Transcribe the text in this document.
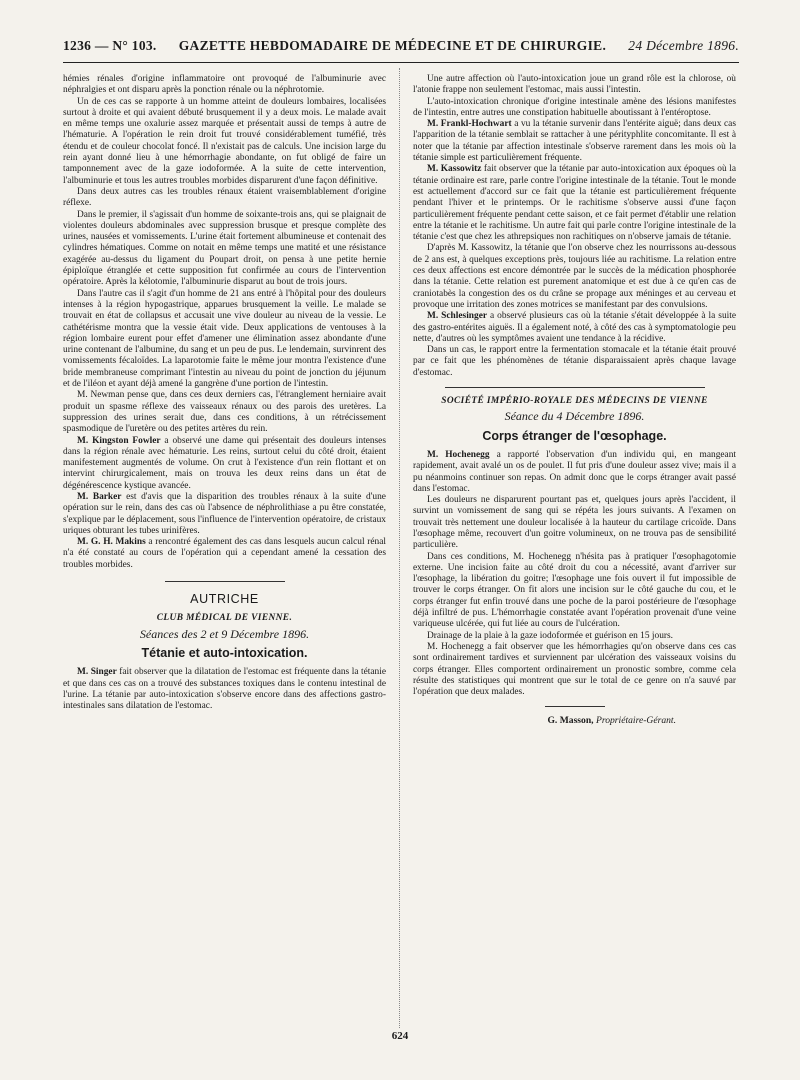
1236 — N° 103. GAZETTE HEBDOMADAIRE DE MÉDECINE ET DE CHIRURGIE. 24 Décembre 1896.

hémies rénales d'origine inflammatoire ont provoqué de l'albuminurie avec néphralgies et ont disparu après la ponction rénale ou la néphrotomie.

Un de ces cas se rapporte à un homme atteint de douleurs lombaires, localisées surtout à droite et qui avaient débuté brusquement il y a deux mois. Le malade avait en même temps une oxalurie assez marquée et présentait aussi de temps à autre de l'hématurie. A l'opération le rein droit fut trouvé considérablement tuméfié, très étendu et de couleur chocolat foncé. Il n'existait pas de calculs. Une incision large du rein ayant donné lieu à une hémorrhagie abondante, on fut obligé de faire un tamponnement avec de la gaze iodoformée. A la suite de cette intervention, l'albuminurie et tous les autres troubles morbides disparurent d'une façon définitive.

Dans deux autres cas les troubles rénaux étaient vraisemblablement d'origine réflexe.

Dans le premier, il s'agissait d'un homme de soixante-trois ans, qui se plaignait de violentes douleurs abdominales avec suppression brusque et presque complète des urines, nausées et vomissements. L'urine était fortement albumineuse et contenait des cylindres hématiques. Comme on notait en même temps une matité et une résistance exagérée au-dessus du ligament du Poupart droit, on pensa à une petite hernie épiploïque étranglée et cette supposition fut confirmée au cours de l'intervention opératoire. Après la kélotomie, l'albuminurie disparut au bout de trois jours.

Dans l'autre cas il s'agit d'un homme de 21 ans entré à l'hôpital pour des douleurs intenses à la région hypogastrique, apparues brusquement la veille. Le malade se trouvait en état de collapsus et accusait une vive douleur au niveau de la vessie. Le cathétérisme montra que la vessie était vide. Deux applications de ventouses à la région lombaire eurent pour effet d'amener une élimination assez abondante d'une urine contenant de l'albumine, du sang et un peu de pus. Le lendemain, survinrent des vomissements fécaloïdes. La laparotomie faite le même jour montra l'existence d'une bride membraneuse comprimant l'intestin au niveau du point de jonction du jéjunum et de l'iléon et ayant déjà amené la gangrène d'une portion de l'intestin.

M. Newman pense que, dans ces deux derniers cas, l'étranglement herniaire avait produit un spasme réflexe des vaisseaux rénaux ou des parois des uretères. La suppression des urines serait due, dans ces conditions, à un rétrécissement spasmodique de l'uretère ou des petites artères du rein.

M. Kingston Fowler a observé une dame qui présentait des douleurs intenses dans la région rénale avec hématurie. Les reins, surtout celui du côté droit, étaient manifestement augmentés de volume. On crut à l'existence d'un rein flottant et on intervint chirurgicalement, mais on trouva les deux reins dans un état de dégénérescence kystique avancée.

M. Barker est d'avis que la disparition des troubles rénaux à la suite d'une opération sur le rein, dans des cas où l'absence de néphrolithiase a pu être constatée, s'explique par le déplacement, sous l'influence de l'intervention opératoire, de cristaux uriques obturant les tubes urinifères.

M. G. H. Makins a rencontré également des cas dans lesquels aucun calcul rénal n'a été constaté au cours de l'opération qui a cependant amené la cessation des troubles morbides.

AUTRICHE
CLUB MÉDICAL DE VIENNE.
Séances des 2 et 9 Décembre 1896.
Tétanie et auto-intoxication.

M. Singer fait observer que la dilatation de l'estomac est fréquente dans la tétanie et que dans ces cas on a trouvé des substances toxiques dans le contenu intestinal de l'urine. La tétanie par auto-intoxication s'observe encore dans des affections gastro-intestinales sans dilatation de l'estomac.

Une autre affection où l'auto-intoxication joue un grand rôle est la chlorose, où l'atonie frappe non seulement l'estomac, mais aussi l'intestin.

L'auto-intoxication chronique d'origine intestinale amène des lésions manifestes de l'intestin, entre autres une constipation habituelle aboutissant à l'entéroptose.

M. Frankl-Hochwart a vu la tétanie survenir dans l'entérite aiguë; dans deux cas l'apparition de la tétanie semblait se rattacher à une pérityphlite concomitante. Il est à noter que la tétanie par affection intestinale s'observe rarement dans les mois où la tétanie simple est particulièrement fréquente.

M. Kassowitz fait observer que la tétanie par auto-intoxication aux époques où la tétanie ordinaire est rare, parle contre l'origine intestinale de la tétanie. Tout le monde est actuellement d'accord sur ce fait que la tétanie est particulièrement fréquente pendant l'hiver et le printemps. Or le rachitisme s'observe aussi d'une façon particulièrement fréquente pendant cette saison, et ce fait permet d'établir une relation entre la tétanie et le rachitisme. Un autre fait qui parle contre l'origine intestinale de la tétanie c'est que chez les athrepsiques non rachitiques on n'observe jamais de tétanie.

D'après M. Kassowitz, la tétanie que l'on observe chez les nourrissons au-dessous de 2 ans est, à quelques exceptions près, toujours liée au rachitisme. La relation entre ces deux affections est encore démontrée par le succès de la médication phosphorée dans la tétanie. Cette relation est purement anatomique et est due à ce qu'en cas de craniotabès la congestion des os du crâne se propage aux méninges et au cerveau et provoque une irritation des zones motrices se manifestant par des convulsions.

M. Schlesinger a observé plusieurs cas où la tétanie s'était développée à la suite des gastro-entérites aiguës. Il a également noté, à côté des cas à symptomatologie peu nette, d'autres où les symptômes avaient une tendance à la récidive.

Dans un cas, le rapport entre la fermentation stomacale et la tétanie était prouvé par ce fait que les phénomènes de tétanie disparaissaient après chaque lavage d'estomac.

SOCIÉTÉ IMPÉRIO-ROYALE DES MÉDECINS DE VIENNE
Séance du 4 Décembre 1896.
Corps étranger de l'œsophage.

M. Hochenegg a rapporté l'observation d'un individu qui, en mangeant rapidement, avait avalé un os de poulet. Il fut pris d'une douleur assez vive; mais il a pu néanmoins continuer son repas. On admit donc que le corps étranger avait passé dans l'estomac.

Les douleurs ne disparurent pourtant pas et, quelques jours après l'accident, il survint un vomissement de sang qui se répéta les jours suivants. A l'examen on trouvait très nettement une douleur localisée à la hauteur du cartilage cricoïde. Dans l'œsophage même, recouvert d'un goitre volumineux, on ne trouva pas de sensibilité particulière.

Dans ces conditions, M. Hochenegg n'hésita pas à pratiquer l'œsophagotomie externe. Une incision faite au côté droit du cou a nécessité, avant d'arriver sur l'œsophage, la libération du goitre; l'œsophage une fois ouvert il fut impossible de trouver le corps étranger. On fit alors une incision sur le côté gauche du cou, et le corps étranger fut enfin trouvé dans une poche de la paroi postérieure de l'œsophage déjà infiltré de pus. L'hémorrhagie constatée avant l'opération provenait d'une veine variqueuse ulcérée, qui fut liée au cours de l'ulcération.

Drainage de la plaie à la gaze iodoformée et guérison en 15 jours.

M. Hochenegg a fait observer que les hémorrhagies qu'on observe dans ces cas sont ordinairement tardives et surviennent par ulcération des vaisseaux voisins du corps étranger. Elles comportent ordinairement un pronostic sombre, comme cela résulte des statistiques qui montrent que sur le total de ce genre on n'a sauvé par l'opération que deux malades.

G. Masson, Propriétaire-Gérant.
624
